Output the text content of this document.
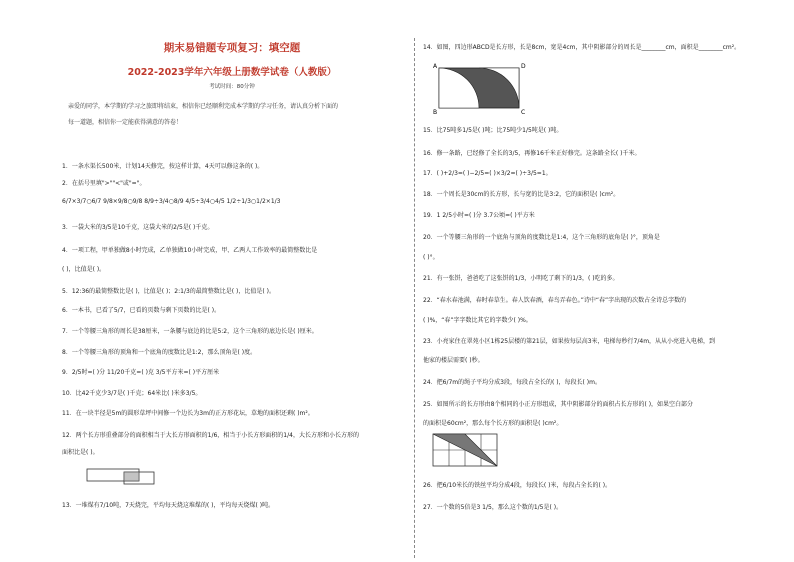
期末易错题专项复习：填空题
2022-2023学年六年级上册数学试卷（人教版）
考试时间：80分钟
亲爱的同学，本学期的学习之旅即将结束，相信你已经顺利完成本学期的学习任务，请认真分析下面的
每一道题，相信你一定能获得满意的答卷！
1．一条水渠长500米，计划14天修完，按这样计算，4天可以修这条的( )。
2．在括号里填">""<"或"="。
6/7×3/7○6/7 9/8×9/8○9/8 8/9÷3/4○8/9 4/5÷3/4○4/5 1/2÷1/3○1/2×1/3
3．一袋大米的3/5是10千克，这袋大米的2/5是( )千克。
4．一项工程，甲单独做8小时完成，乙单独做10小时完成，甲、乙两人工作效率的最简整数比是
( )，比值是( )。
5．12:36的最简整数比是( )，比值是( )；2:1/3的最简整数比是( )，比值是( )。
6．一本书，已看了5/7，已看的页数与剩下页数的比是( )。
7．一个等腰三角形的周长是38厘米，一条腰与底边的比是5:2，这个三角形的底边长是( )厘米。
8．一个等腰三角形的顶角和一个底角的度数比是1:2，那么顶角是( )度。
9．2/5时=( )分 11/20千克=( )克 3/5平方米=( )平方厘米
10．比42千克少3/7是( )千克；64米比( )米多3/5。
11．在一块半径是5m的圆形草坪中间修一个边长为3m的正方形花坛，草地的面积还剩( )m²。
12．两个长方形重叠部分的面积相当于大长方形面积的1/6，相当于小长方形面积的1/4，大长方形和小长方形的
面积比是( )。
13．一堆煤有7/10吨，7天烧完，平均每天烧这堆煤的( )，平均每天烧煤( )吨。
14．如图，四边形ABCD是长方形，长是8cm，宽是4cm，其中阴影部分的周长是________cm，面积是________cm²。
A	D
B	C
15．比75吨多1/5是( )吨；比75吨少1/5吨是( )吨。
16．修一条路，已经修了全长的3/5，再修16千米正好修完。这条路全长( )千米。
17．( )+2/3=( )−2/5=( )×3/2=( )÷3/5=1。
18．一个周长是30cm的长方形，长与宽的比是3:2，它的面积是( )cm²。
19．1 2/5小时=( )分 3.7公顷=( )平方米
20．一个等腰三角形的一个底角与顶角的度数比是1:4，这个三角形的底角是( )°，顶角是
( )°。
21．有一张饼，爸爸吃了这张饼的1/3，小明吃了剩下的1/3，( )吃的多。
22．“春水春池满，春时春草生。春人饮春酒，春鸟弄春色。”诗中“春”字出现的次数占全诗总字数的
( )%，“春”字字数比其它的字数少( )%。
23．小亮家住在翠苑小区1栋25层楼的第21层，如果按每层高3米，电梯每秒行7/4m，从从小亮进入电梯，到
他家的楼层需要( )秒。
24．把6/7m的绳子平均分成3段，每段占全长的( )，每段长( )m。
25．如图所示的长方形由8个相同的小正方形组成，其中阴影部分的面积占长方形的( )，如果空白部分
的面积是60cm²，那么每个长方形的面积是( )cm²。
26．把6/10米长的铁丝平均分成4段，每段长( )米，每段占全长的( )。
27．一个数的5倍是3 1/5，那么这个数的1/5是( )。
